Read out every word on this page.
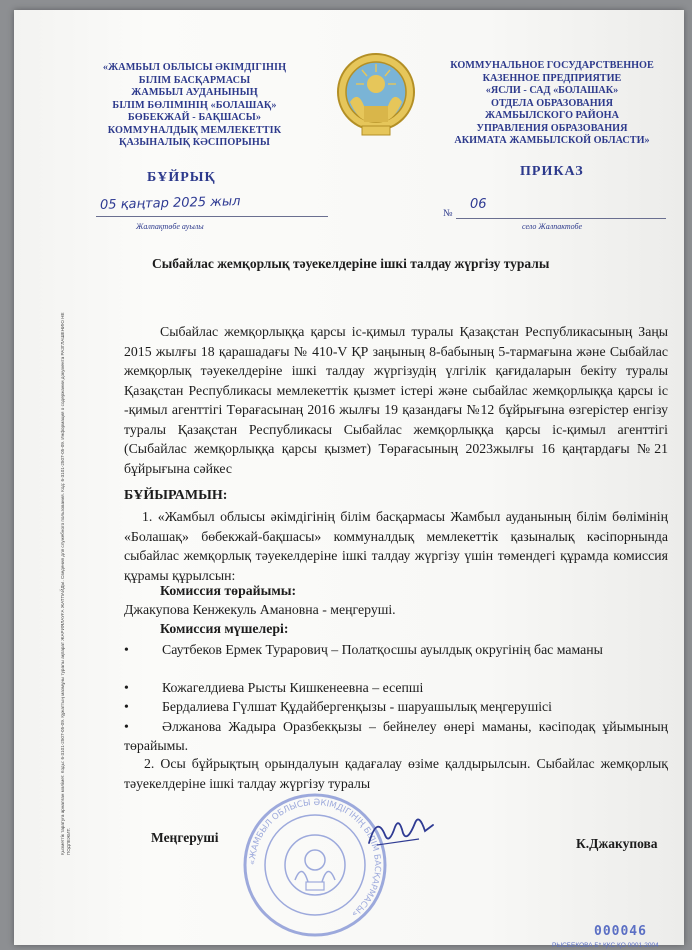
«ЖАМБЫЛ ОБЛЫСЫ ӘКІМДІГІНІҢ
БІЛІМ БАСҚАРМАСЫ
ЖАМБЫЛ АУДАНЫНЫҢ
БІЛІМ БӨЛІМІНІҢ «БОЛАШАҚ»
БӨБЕКЖАЙ - БАҚШАСЫ»
КОММУНАЛДЫҚ МЕМЛЕКЕТТІК
ҚАЗЫНАЛЫҚ КӘСІПОРЫНЫ
КОММУНАЛЬНОЕ ГОСУДАРСТВЕННОЕ
КАЗЕННОЕ ПРЕДПРИЯТИЕ
«ЯСЛИ - САД «БОЛАШАК»
ОТДЕЛА ОБРАЗОВАНИЯ
ЖАМБЫЛСКОГО РАЙОНА
УПРАВЛЕНИЯ ОБРАЗОВАНИЯ
АКИМАТА ЖАМБЫЛСКОЙ ОБЛАСТИ»
БҰЙРЫҚ	ПРИКАЗ
05 қаңтар 2025 жыл
Жалпақтөбе ауылы
№
06
село Жалпактобе
Қызметтік таратуға арналған мәлімет. Коды: 6-3101-2507-05-09. Құжаттың мазмұны туралы ақпарат ЖАРИЯЛАУҒА ЖАТПАЙДЫ. Сведения для служебного пользования. Код: 6-3101-2507-05-09. Информация о содержании документа РАЗГЛАШЕНИЮ НЕ ПОДЛЕЖИТ.
Сыбайлас жемқорлық тәуекелдеріне ішкі талдау жүргізу туралы
Сыбайлас жемқорлыққа қарсы іс-қимыл туралы Қазақстан Республикасының Заңы 2015 жылғы 18 қарашадағы № 410-V ҚР заңының 8-бабының 5-тармағына және Сыбайлас жемқорлық тәуекелдеріне ішкі талдау жүргізудің үлгілік қағидаларын бекіту туралы Қазақстан Республикасы мемлекеттік қызмет істері және сыбайлас жемқорлыққа қарсы іс -қимыл агенттігі Төрағасынаң 2016 жылғы 19 қазандағы №12 бұйрығына өзгерістер енгізу туралы Қазақстан Республикасы Сыбайлас жемқорлыққа қарсы іс-қимыл агенттігі (Сыбайлас жемқорлыққа қарсы қызмет) Төрағасының 2023жылғы 16 қаңтардағы №21 бұйрығына сәйкес
БҰЙЫРАМЫН:
1. «Жамбыл облысы әкімдігінің білім басқармасы Жамбыл ауданының білім бөлімінің «Болашақ» бөбекжай-бақшасы» коммуналдық мемлекеттік қазыналық кәсіпорнында сыбайлас жемқорлық тәуекелдеріне ішкі талдау жүргізу үшін төмендегі құрамда комиссия құрамы құрылсын:
Комиссия төрайымы:
Джакупова Кенжекуль Амановна - меңгеруші.
Комиссия мүшелері:
•	Саутбеков Ермек Тураровиҷ – Полатқосшы ауылдық округінің бас маманы
•	Кожагелдиева Рысты Кишкенеевна – есепші
•	Бердалиева Гүлшат Құдайбергенқызы - шаруашылық меңгерушісі
•	Әлжанова Жадыра Оразбекқызы – бейнелеу өнері маманы, кәсіподақ ұйымының төрайымы.
2. Осы бұйрықтың орындалуын қадағалау өзіме қалдырылсын. Сыбайлас жемқорлық тәуекелдеріне ішкі талдау жүргізу туралы
«ЖАМБЫЛ ОБЛЫСЫ ӘКІМДІГІНІҢ БІЛІМ БАСҚАРМАСЫ»
Меңгеруші	К.Джакупова
000046
РЫСБЕКОВА Б* ҚКС ҚО 0001-2004
